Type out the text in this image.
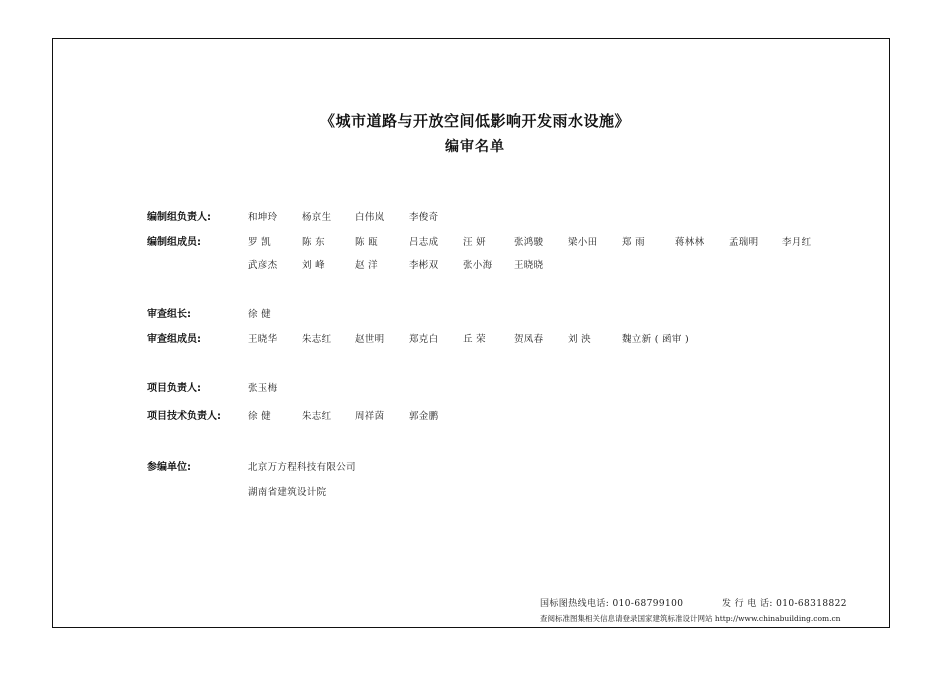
《城市道路与开放空间低影响开发雨水设施》
编审名单
编制组负责人:	和坤玲	杨京生 白伟岚	李俊奇
编制组成员:	罗 凯	陈 东	陈 瓯	吕志成	汪 妍	张鸿駿	梁小田	郑 雨	蒋林林	孟瑞明 李月红
武彦杰	刘 峰	赵 洋	李彬双	张小海 王晓晓
审查组长:	徐 健
审查组成员:	王晓华	朱志红 赵世明	郑克白	丘 荣	贺凤春	刘 泱	魏立新 ( 函审 )
项目负责人:	张玉梅
项目技术负责人:	徐 健	朱志红 周祥茵	郭金鹏
参编单位:	北京万方程科技有限公司
湖南省建筑设计院
国标图热线电话: 010-68799100	发 行 电 话: 010-68318822
查阅标准图集相关信息请登录国家建筑标准设计网站 http://www.chinabuilding.com.cn
